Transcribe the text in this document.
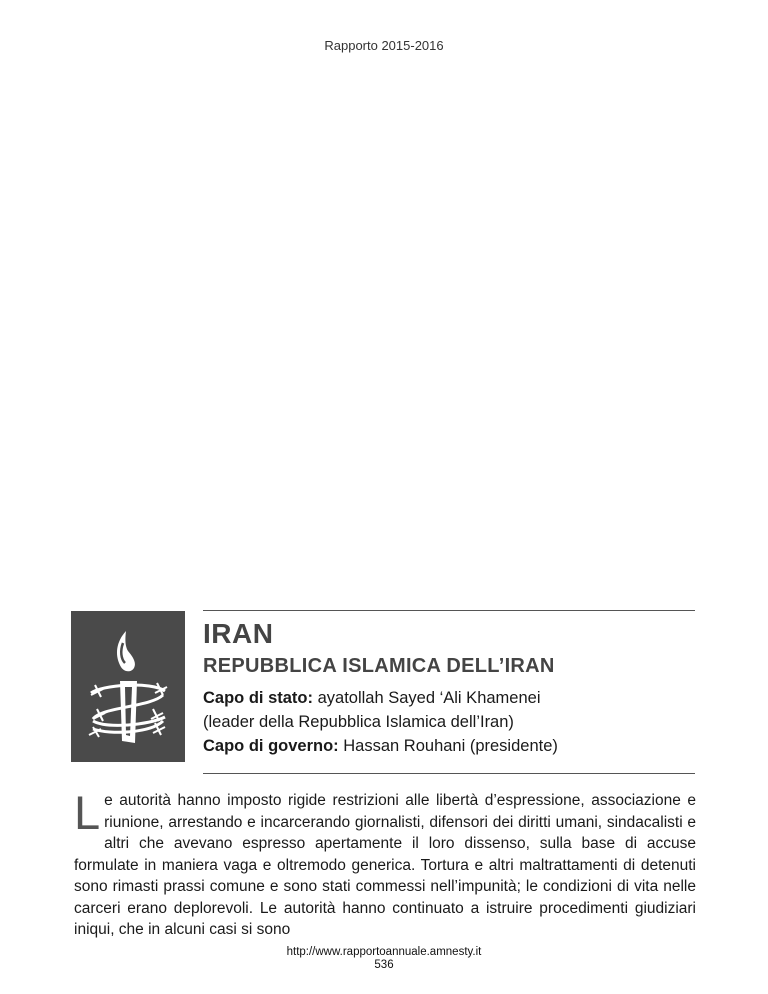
Rapporto 2015-2016
IRAN
REPUBBLICA ISLAMICA DELL’IRAN
Capo di stato: ayatollah Sayed ‘Ali Khamenei
(leader della Repubblica Islamica dell’Iran)
Capo di governo: Hassan Rouhani (presidente)
Le autorità hanno imposto rigide restrizioni alle libertà d’espressione, associazione e riunione, arrestando e incarcerando giornalisti, difensori dei diritti umani, sindacalisti e altri che avevano espresso apertamente il loro dissenso, sulla base di accuse formulate in maniera vaga e oltremodo generica. Tortura e altri maltrattamenti di detenuti sono rimasti prassi comune e sono stati commessi nell’impunità; le condizioni di vita nelle carceri erano deplorevoli. Le autorità hanno continuato a istruire procedimenti giudiziari iniqui, che in alcuni casi si sono
http://www.rapportoannuale.amnesty.it
536
